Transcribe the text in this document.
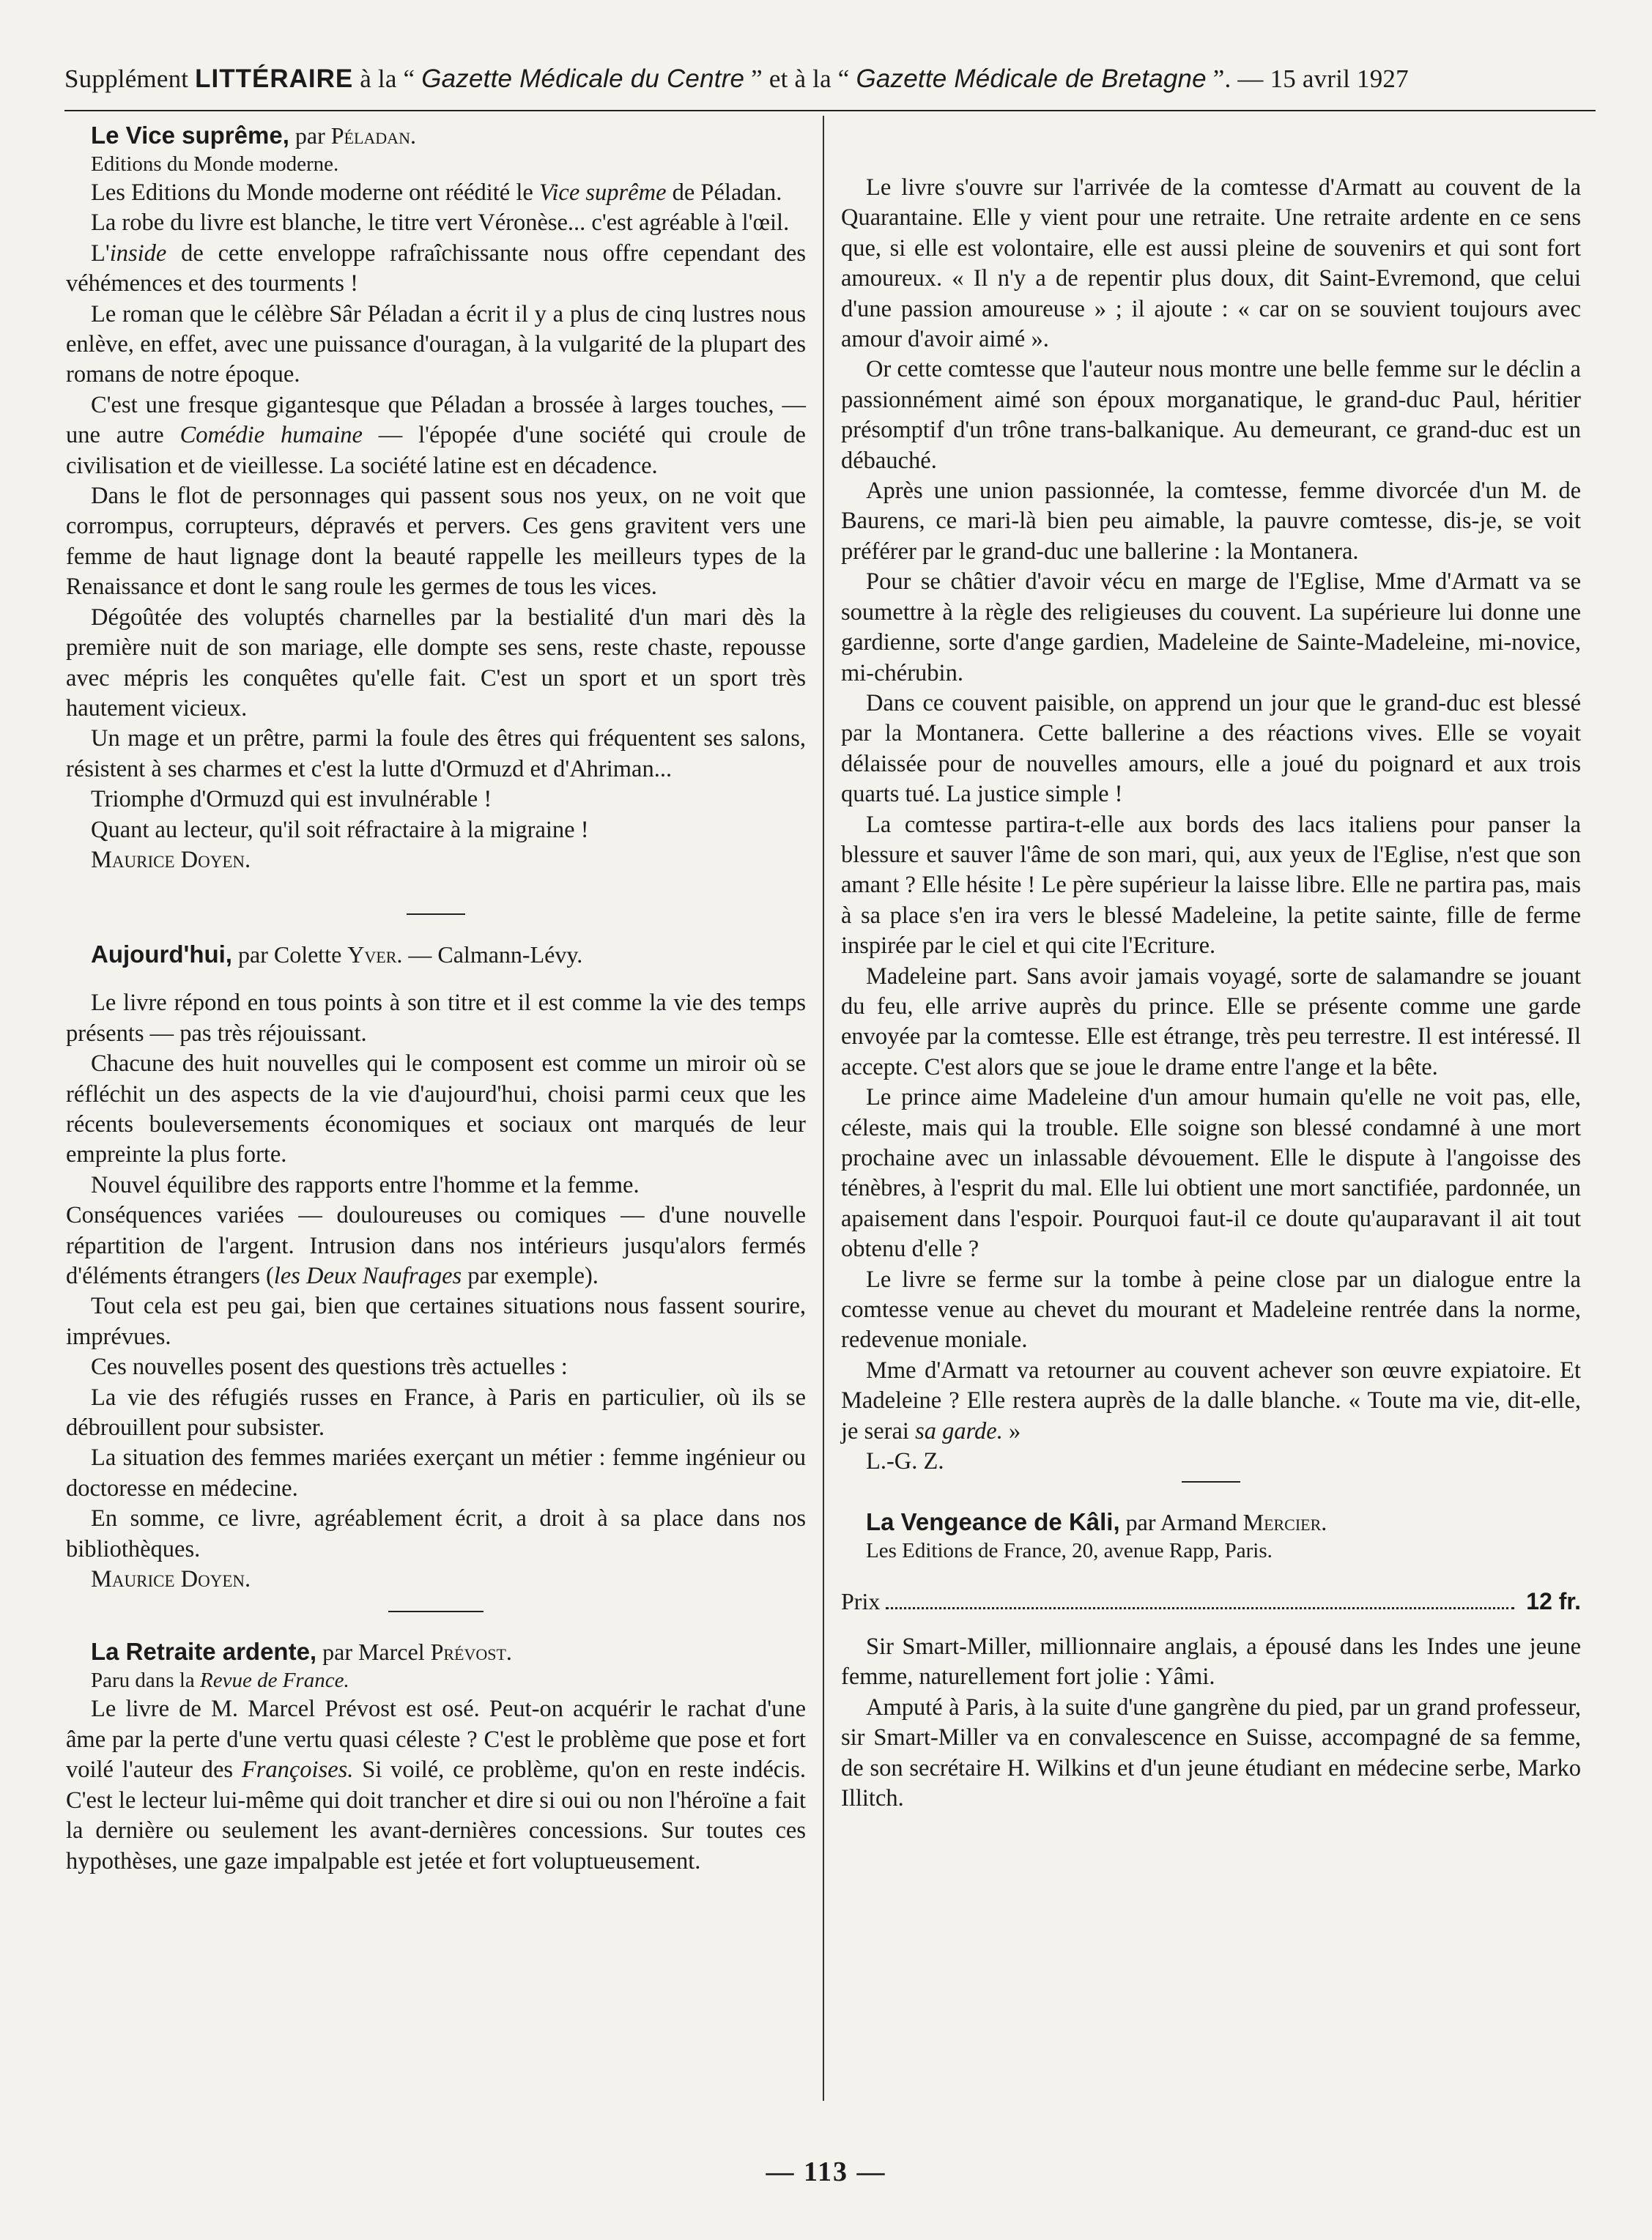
Supplément LITTÉRAIRE à la “ Gazette Médicale du Centre ” et à la “ Gazette Médicale de Bretagne ”. — 15 avril 1927

Le Vice suprême, par Péladan.

Editions du Monde moderne.

Les Editions du Monde moderne ont réédité le Vice suprême de Péladan.

La robe du livre est blanche, le titre vert Véronèse... c'est agréable à l'œil.

L'inside de cette enveloppe rafraîchissante nous offre cependant des véhémences et des tourments !

Le roman que le célèbre Sâr Péladan a écrit il y a plus de cinq lustres nous enlève, en effet, avec une puissance d'ouragan, à la vulgarité de la plupart des romans de notre époque.

C'est une fresque gigantesque que Péladan a brossée à larges touches, — une autre Comédie humaine — l'épopée d'une société qui croule de civilisation et de vieillesse. La société latine est en décadence.

Dans le flot de personnages qui passent sous nos yeux, on ne voit que corrompus, corrupteurs, dépravés et pervers. Ces gens gravitent vers une femme de haut lignage dont la beauté rappelle les meilleurs types de la Renaissance et dont le sang roule les germes de tous les vices.

Dégoûtée des voluptés charnelles par la bestialité d'un mari dès la première nuit de son mariage, elle dompte ses sens, reste chaste, repousse avec mépris les conquêtes qu'elle fait. C'est un sport et un sport très hautement vicieux.

Un mage et un prêtre, parmi la foule des êtres qui fréquentent ses salons, résistent à ses charmes et c'est la lutte d'Ormuzd et d'Ahriman...

Triomphe d'Ormuzd qui est invulnérable !

Quant au lecteur, qu'il soit réfractaire à la migraine !

Maurice Doyen.

Aujourd'hui, par Colette Yver. — Calmann-Lévy.

Le livre répond en tous points à son titre et il est comme la vie des temps présents — pas très réjouissant.

Chacune des huit nouvelles qui le composent est comme un miroir où se réfléchit un des aspects de la vie d'aujourd'hui, choisi parmi ceux que les récents bouleversements économiques et sociaux ont marqués de leur empreinte la plus forte.

Nouvel équilibre des rapports entre l'homme et la femme.

Conséquences variées — douloureuses ou comiques — d'une nouvelle répartition de l'argent. Intrusion dans nos intérieurs jusqu'alors fermés d'éléments étrangers (les Deux Naufrages par exemple).

Tout cela est peu gai, bien que certaines situations nous fassent sourire, imprévues.

Ces nouvelles posent des questions très actuelles :

La vie des réfugiés russes en France, à Paris en particulier, où ils se débrouillent pour subsister.

La situation des femmes mariées exerçant un métier : femme ingénieur ou doctoresse en médecine.

En somme, ce livre, agréablement écrit, a droit à sa place dans nos bibliothèques.

Maurice Doyen.

La Retraite ardente, par Marcel Prévost.

Paru dans la Revue de France.

Le livre de M. Marcel Prévost est osé. Peut-on acquérir le rachat d'une âme par la perte d'une vertu quasi céleste ? C'est le problème que pose et fort voilé l'auteur des Françoises. Si voilé, ce problème, qu'on en reste indécis. C'est le lecteur lui-même qui doit trancher et dire si oui ou non l'héroïne a fait la dernière ou seulement les avant-dernières concessions. Sur toutes ces hypothèses, une gaze impalpable est jetée et fort voluptueusement.

Le livre s'ouvre sur l'arrivée de la comtesse d'Armatt au couvent de la Quarantaine. Elle y vient pour une retraite. Une retraite ardente en ce sens que, si elle est volontaire, elle est aussi pleine de souvenirs et qui sont fort amoureux. « Il n'y a de repentir plus doux, dit Saint-Evremond, que celui d'une passion amoureuse » ; il ajoute : « car on se souvient toujours avec amour d'avoir aimé ».

Or cette comtesse que l'auteur nous montre une belle femme sur le déclin a passionnément aimé son époux morganatique, le grand-duc Paul, héritier présomptif d'un trône trans-balkanique. Au demeurant, ce grand-duc est un débauché.

Après une union passionnée, la comtesse, femme divorcée d'un M. de Baurens, ce mari-là bien peu aimable, la pauvre comtesse, dis-je, se voit préférer par le grand-duc une ballerine : la Montanera.

Pour se châtier d'avoir vécu en marge de l'Eglise, Mme d'Armatt va se soumettre à la règle des religieuses du couvent. La supérieure lui donne une gardienne, sorte d'ange gardien, Madeleine de Sainte-Madeleine, mi-novice, mi-chérubin.

Dans ce couvent paisible, on apprend un jour que le grand-duc est blessé par la Montanera. Cette ballerine a des réactions vives. Elle se voyait délaissée pour de nouvelles amours, elle a joué du poignard et aux trois quarts tué. La justice simple !

La comtesse partira-t-elle aux bords des lacs italiens pour panser la blessure et sauver l'âme de son mari, qui, aux yeux de l'Eglise, n'est que son amant ? Elle hésite ! Le père supérieur la laisse libre. Elle ne partira pas, mais à sa place s'en ira vers le blessé Madeleine, la petite sainte, fille de ferme inspirée par le ciel et qui cite l'Ecriture.

Madeleine part. Sans avoir jamais voyagé, sorte de salamandre se jouant du feu, elle arrive auprès du prince. Elle se présente comme une garde envoyée par la comtesse. Elle est étrange, très peu terrestre. Il est intéressé. Il accepte. C'est alors que se joue le drame entre l'ange et la bête.

Le prince aime Madeleine d'un amour humain qu'elle ne voit pas, elle, céleste, mais qui la trouble. Elle soigne son blessé condamné à une mort prochaine avec un inlassable dévouement. Elle le dispute à l'angoisse des ténèbres, à l'esprit du mal. Elle lui obtient une mort sanctifiée, pardonnée, un apaisement dans l'espoir. Pourquoi faut-il ce doute qu'auparavant il ait tout obtenu d'elle ?

Le livre se ferme sur la tombe à peine close par un dialogue entre la comtesse venue au chevet du mourant et Madeleine rentrée dans la norme, redevenue moniale.

Mme d'Armatt va retourner au couvent achever son œuvre expiatoire. Et Madeleine ? Elle restera auprès de la dalle blanche. « Toute ma vie, dit-elle, je serai sa garde. »

L.-G. Z.

La Vengeance de Kâli, par Armand Mercier.

Les Editions de France, 20, avenue Rapp, Paris.

Prix	12 fr.

Sir Smart-Miller, millionnaire anglais, a épousé dans les Indes une jeune femme, naturellement fort jolie : Yâmi.

Amputé à Paris, à la suite d'une gangrène du pied, par un grand professeur, sir Smart-Miller va en convalescence en Suisse, accompagné de sa femme, de son secrétaire H. Wilkins et d'un jeune étudiant en médecine serbe, Marko Illitch.

— 113 —
